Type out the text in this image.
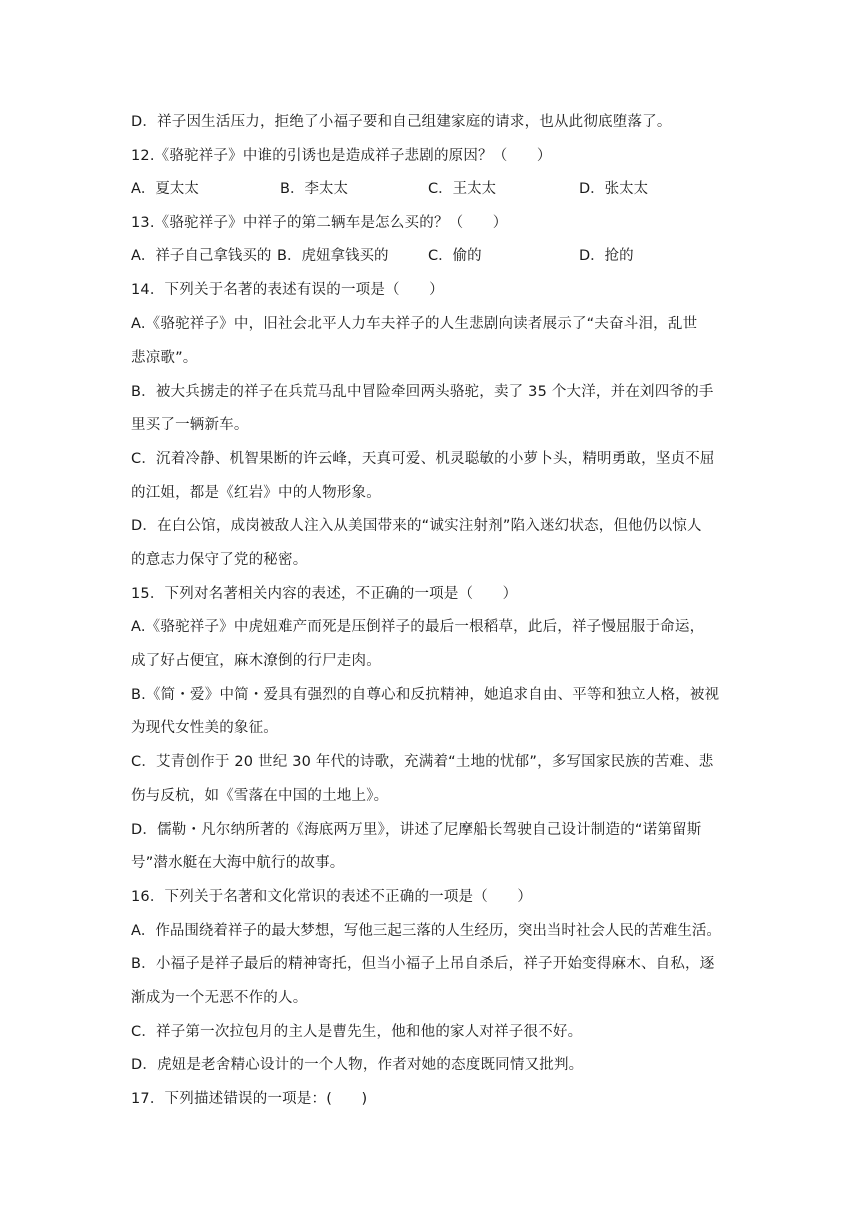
D．祥子因生活压力，拒绝了小福子要和自己组建家庭的请求，也从此彻底堕落了。
12.《骆驼祥子》中谁的引诱也是造成祥子悲剧的原因？（　　）
A．夏太太	B．李太太	C．王太太	D．张太太
13.《骆驼祥子》中祥子的第二辆车是怎么买的？（　　）
A．祥子自己拿钱买的 B．虎妞拿钱买的	C．偷的	D．抢的
14．下列关于名著的表述有误的一项是（　　）
A.《骆驼祥子》中，旧社会北平人力车夫祥子的人生悲剧向读者展示了“夫奋斗泪，乱世
悲凉歌”。
B．被大兵掳走的祥子在兵荒马乱中冒险牵回两头骆驼，卖了 35 个大洋，并在刘四爷的手
里买了一辆新车。
C．沉着冷静、机智果断的许云峰，天真可爱、机灵聪敏的小萝卜头，精明勇敢，坚贞不屈
的江姐，都是《红岩》中的人物形象。
D．在白公馆，成岗被敌人注入从美国带来的“诚实注射剂”陷入迷幻状态，但他仍以惊人
的意志力保守了党的秘密。
15．下列对名著相关内容的表述，不正确的一项是（　　）
A.《骆驼祥子》中虎妞难产而死是压倒祥子的最后一根稻草，此后，祥子慢屈服于命运，
成了好占便宜，麻木潦倒的行尸走肉。
B.《简・爱》中简・爱具有强烈的自尊心和反抗精神，她追求自由、平等和独立人格，被视
为现代女性美的象征。
C．艾青创作于 20 世纪 30 年代的诗歌，充满着“土地的忧郁”，多写国家民族的苦难、悲
伤与反杭，如《雪落在中国的土地上》。
D．儒勒・凡尔纳所著的《海底两万里》，讲述了尼摩船长驾驶自己设计制造的“诺第留斯
号”潜水艇在大海中航行的故事。
16．下列关于名著和文化常识的表述不正确的一项是（　　）
A．作品围绕着祥子的最大梦想，写他三起三落的人生经历，突出当时社会人民的苦难生活。
B．小福子是祥子最后的精神寄托，但当小福子上吊自杀后，祥子开始变得麻木、自私，逐
渐成为一个无恶不作的人。
C．祥子第一次拉包月的主人是曹先生，他和他的家人对祥子很不好。
D．虎妞是老舍精心设计的一个人物，作者对她的态度既同情又批判。
17．下列描述错误的一项是：(　　)
